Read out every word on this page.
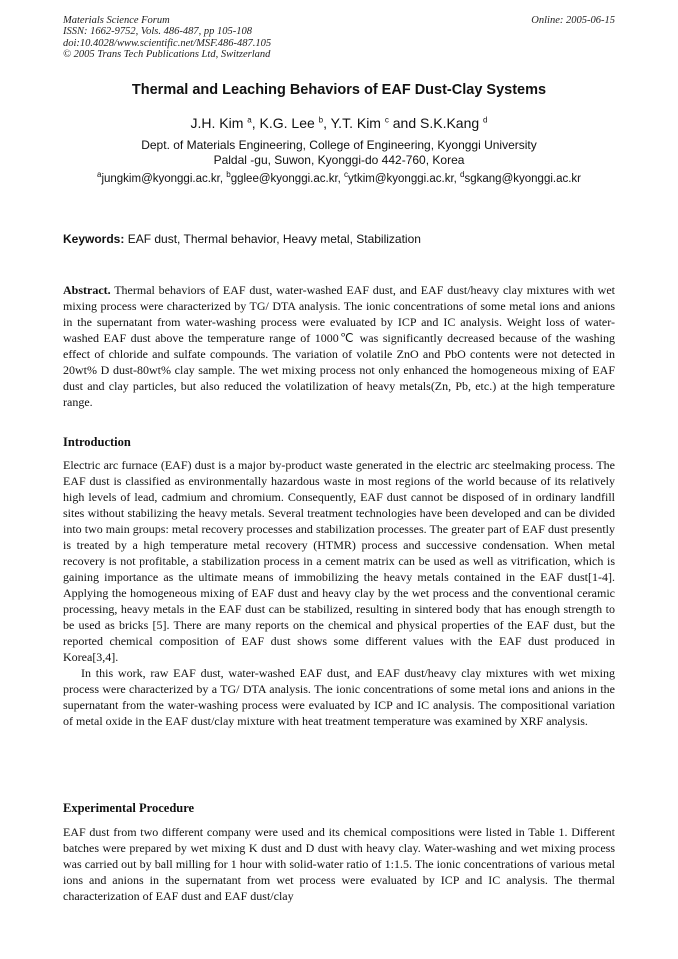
Materials Science Forum
ISSN: 1662-9752, Vols. 486-487, pp 105-108
doi:10.4028/www.scientific.net/MSF.486-487.105
© 2005 Trans Tech Publications Ltd, Switzerland
Online: 2005-06-15
Thermal and Leaching Behaviors of EAF Dust-Clay Systems
J.H. Kim $^a$, K.G. Lee $^b$, Y.T. Kim $^c$ and S.K.Kang $^d$
Dept. of Materials Engineering, College of Engineering, Kyonggi University
Paldal -gu, Suwon, Kyonggi-do 442-760, Korea
$^a$jungkim@kyonggi.ac.kr, $^b$gglee@kyonggi.ac.kr, $^c$ytkim@kyonggi.ac.kr, $^d$sgkang@kyonggi.ac.kr
Keywords: EAF dust, Thermal behavior, Heavy metal, Stabilization

Abstract. Thermal behaviors of EAF dust, water-washed EAF dust, and EAF dust/heavy clay mixtures with wet mixing process were characterized by TG/ DTA analysis. The ionic concentrations of some metal ions and anions in the supernatant from water-washing process were evaluated by ICP and IC analysis. Weight loss of water-washed EAF dust above the temperature range of 1000℃ was significantly decreased because of the washing effect of chloride and sulfate compounds. The variation of volatile ZnO and PbO contents were not detected in 20wt% D dust-80wt% clay sample. The wet mixing process not only enhanced the homogeneous mixing of EAF dust and clay particles, but also reduced the volatilization of heavy metals(Zn, Pb, etc.) at the high temperature range.

Introduction

Electric arc furnace (EAF) dust is a major by-product waste generated in the electric arc steelmaking process. The EAF dust is classified as environmentally hazardous waste in most regions of the world because of its relatively high levels of lead, cadmium and chromium. Consequently, EAF dust cannot be disposed of in ordinary landfill sites without stabilizing the heavy metals. Several treatment technologies have been developed and can be divided into two main groups: metal recovery processes and stabilization processes. The greater part of EAF dust presently is treated by a high temperature metal recovery (HTMR) process and successive condensation. When metal recovery is not profitable, a stabilization process in a cement matrix can be used as well as vitrification, which is gaining importance as the ultimate means of immobilizing the heavy metals contained in the EAF dust[1-4]. Applying the homogeneous mixing of EAF dust and heavy clay by the wet process and the conventional ceramic processing, heavy metals in the EAF dust can be stabilized, resulting in sintered body that has enough strength to be used as bricks [5]. There are many reports on the chemical and physical properties of the EAF dust, but the reported chemical composition of EAF dust shows some different values with the EAF dust produced in Korea[3,4].

In this work, raw EAF dust, water-washed EAF dust, and EAF dust/heavy clay mixtures with wet mixing process were characterized by a TG/ DTA analysis. The ionic concentrations of some metal ions and anions in the supernatant from the water-washing process were evaluated by ICP and IC analysis. The compositional variation of metal oxide in the EAF dust/clay mixture with heat treatment temperature was examined by XRF analysis.

Experimental Procedure

EAF dust from two different company were used and its chemical compositions were listed in Table 1. Different batches were prepared by wet mixing K dust and D dust with heavy clay. Water-washing and wet mixing process was carried out by ball milling for 1 hour with solid-water ratio of 1:1.5. The ionic concentrations of various metal ions and anions in the supernatant from wet process were evaluated by ICP and IC analysis. The thermal characterization of EAF dust and EAF dust/clay
